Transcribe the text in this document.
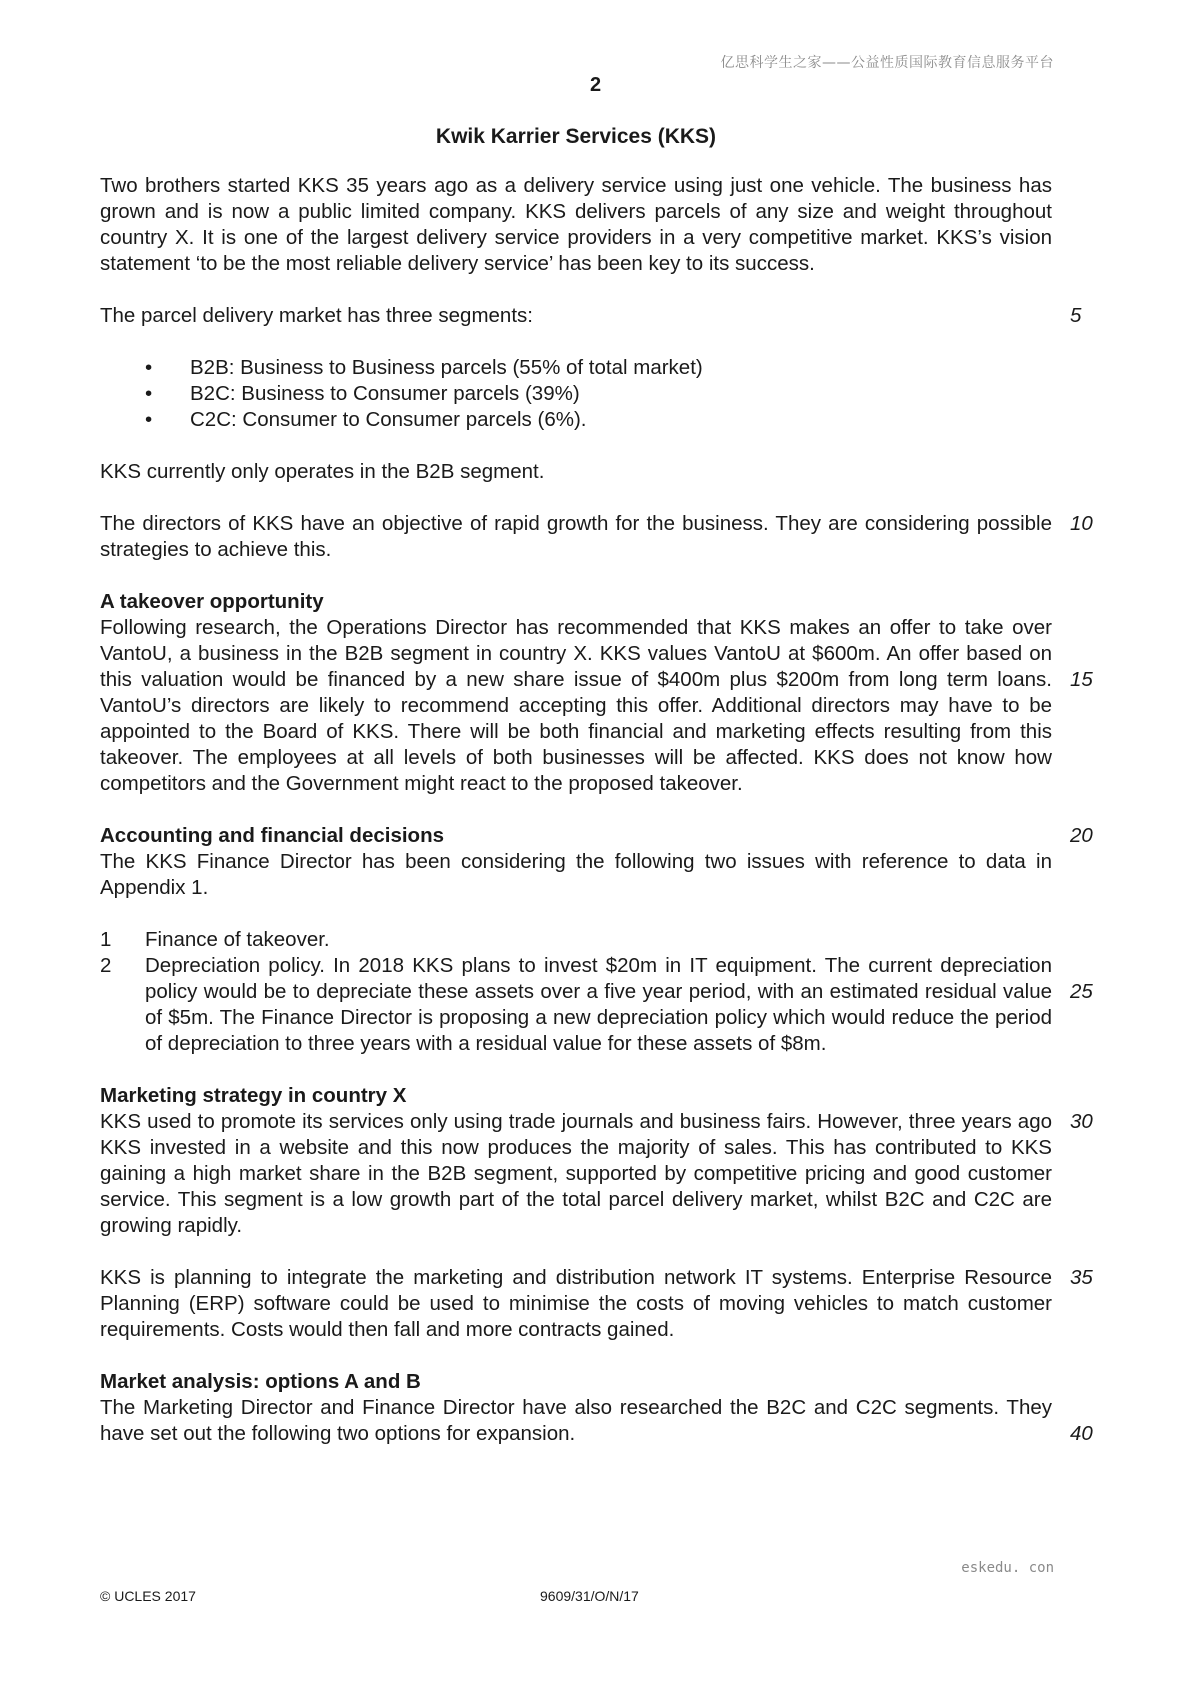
亿思科学生之家——公益性质国际教育信息服务平台
2
Kwik Karrier Services (KKS)

Two brothers started KKS 35 years ago as a delivery service using just one vehicle. The business has grown and is now a public limited company. KKS delivers parcels of any size and weight throughout country X. It is one of the largest delivery service providers in a very competitive market. KKS’s vision statement ‘to be the most reliable delivery service’ has been key to its success.

The parcel delivery market has three segments:	5

• B2B: Business to Business parcels (55% of total market)
• B2C: Business to Consumer parcels (39%)
• C2C: Consumer to Consumer parcels (6%).

KKS currently only operates in the B2B segment.

The directors of KKS have an objective of rapid growth for the business. They are considering possible strategies to achieve this.
10

A takeover opportunity

Following research, the Operations Director has recommended that KKS makes an offer to take over VantoU, a business in the B2B segment in country X. KKS values VantoU at $600m. An offer based on this valuation would be financed by a new share issue of $400m plus $200m from long term loans. VantoU’s directors are likely to recommend accepting this offer. Additional directors may have to be appointed to the Board of KKS. There will be both financial and marketing effects resulting from this takeover. The employees at all levels of both businesses will be affected. KKS does not know how competitors and the Government might react to the proposed takeover.

15

Accounting and financial decisions	20

The KKS Finance Director has been considering the following two issues with reference to data in Appendix 1.

1 Finance of takeover.
2 Depreciation policy. In 2018 KKS plans to invest $20m in IT equipment. The current depreciation policy would be to depreciate these assets over a five year period, with an estimated residual value of $5m. The Finance Director is proposing a new depreciation policy which would reduce the period of depreciation to three years with a residual value for these assets of $8m.
25

Marketing strategy in country X

KKS used to promote its services only using trade journals and business fairs. However, three years ago KKS invested in a website and this now produces the majority of sales. This has contributed to KKS gaining a high market share in the B2B segment, supported by competitive pricing and good customer service. This segment is a low growth part of the total parcel delivery market, whilst B2C and C2C are growing rapidly.

30

KKS is planning to integrate the marketing and distribution network IT systems. Enterprise Resource Planning (ERP) software could be used to minimise the costs of moving vehicles to match customer requirements. Costs would then fall and more contracts gained.

35

Market analysis: options A and B

The Marketing Director and Finance Director have also researched the B2C and C2C segments. They have set out the following two options for expansion.	40
eskedu. con
© UCLES 2017	9609/31/O/N/17
